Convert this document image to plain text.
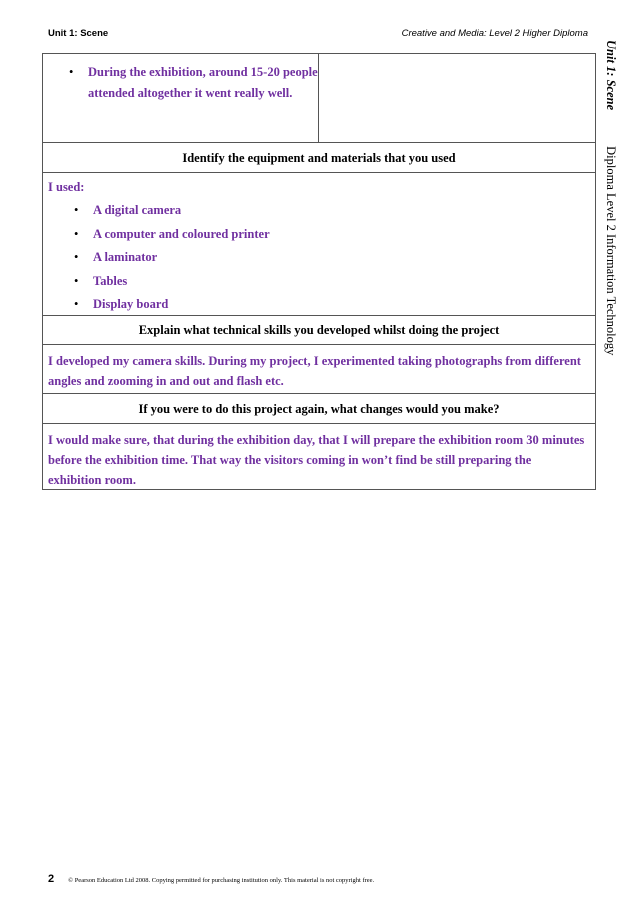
Unit 1: Scene	Creative and Media: Level 2 Higher Diploma
Unit 1: SceneDiploma Level 2 Information Technology
• During the exhibition, around 15-20 people attended altogether it went really well.
Identify the equipment and materials that you used
I used:
• A digital camera
• A computer and coloured printer
• A laminator
• Tables
• Display board
Explain what technical skills you developed whilst doing the project
I developed my camera skills. During my project, I experimented taking photographs from different angles and zooming in and out and flash etc.
If you were to do this project again, what changes would you make?
I would make sure, that during the exhibition day, that I will prepare the exhibition room 30 minutes before the exhibition time. That way the visitors coming in won’t find be still preparing the exhibition room.
2 © Pearson Education Ltd 2008. Copying permitted for purchasing institution only. This material is not copyright free.
